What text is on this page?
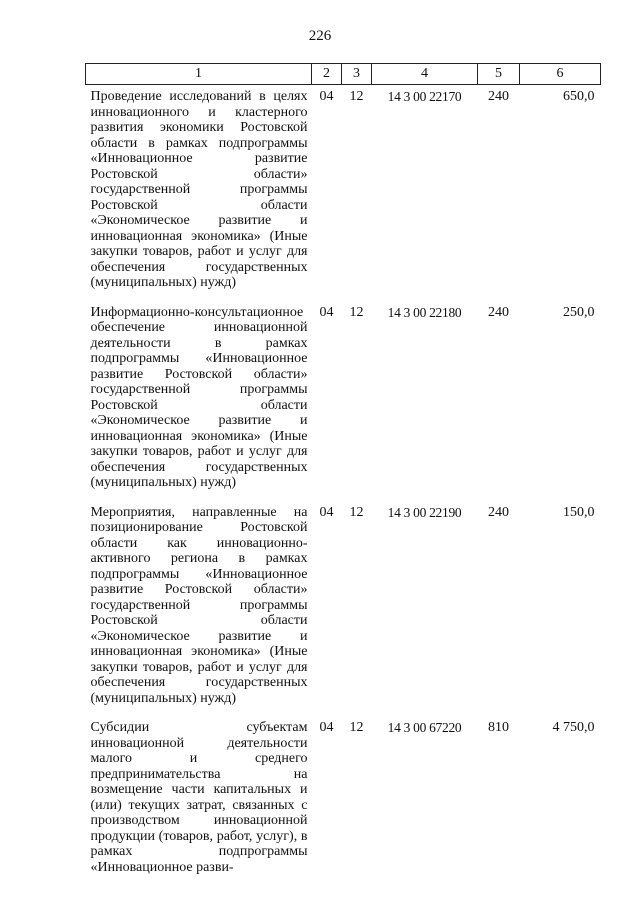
226
1	2	3	4	5	6
Проведение исследований в целях инновационного и кластерного развития экономики Ростовской области в рамках подпрограммы «Инновационное развитие Ростовской области» государственной программы Ростовской области «Экономическое развитие и инновационная экономика» (Иные закупки товаров, работ и услуг для обеспечения государственных (муниципальных) нужд)	04	12	14 3 00 22170	240	650,0
Информационно-консультационное обеспечение инновационной деятельности в рамках подпрограммы «Инновационное развитие Ростовской области» государственной программы Ростовской области «Экономическое развитие и инновационная экономика» (Иные закупки товаров, работ и услуг для обеспечения государственных (муниципальных) нужд)	04	12	14 3 00 22180	240	250,0
Мероприятия, направленные на позиционирование Ростовской области как инновационно-активного региона в рамках подпрограммы «Инновационное развитие Ростовской области» государственной программы Ростовской области «Экономическое развитие и инновационная экономика» (Иные закупки товаров, работ и услуг для обеспечения государственных (муниципальных) нужд)	04	12	14 3 00 22190	240	150,0
Субсидии субъектам инновационной деятельности малого и среднего предпринимательства на возмещение части капитальных и (или) текущих затрат, связанных с производством инновационной продукции (товаров, работ, услуг), в рамках подпрограммы «Инновационное разви-	04	12	14 3 00 67220	810	4 750,0
